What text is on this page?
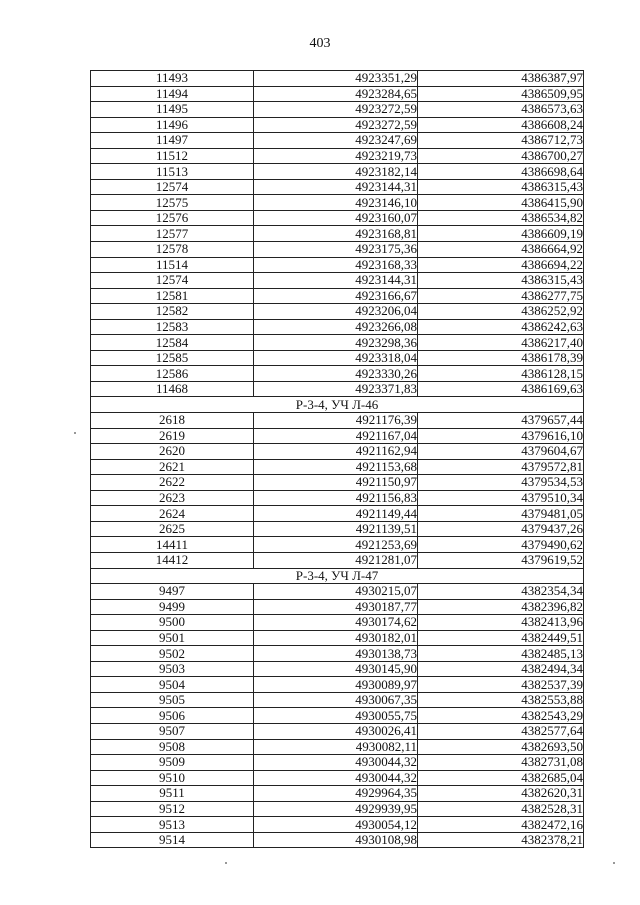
403
11493	4923351,29	4386387,97
11494	4923284,65	4386509,95
11495	4923272,59	4386573,63
11496	4923272,59	4386608,24
11497	4923247,69	4386712,73
11512	4923219,73	4386700,27
11513	4923182,14	4386698,64
12574	4923144,31	4386315,43
12575	4923146,10	4386415,90
12576	4923160,07	4386534,82
12577	4923168,81	4386609,19
12578	4923175,36	4386664,92
11514	4923168,33	4386694,22
12574	4923144,31	4386315,43
12581	4923166,67	4386277,75
12582	4923206,04	4386252,92
12583	4923266,08	4386242,63
12584	4923298,36	4386217,40
12585	4923318,04	4386178,39
12586	4923330,26	4386128,15
11468	4923371,83	4386169,63
Р-3-4, УЧ Л-46		
2618	4921176,39	4379657,44
2619	4921167,04	4379616,10
2620	4921162,94	4379604,67
2621	4921153,68	4379572,81
2622	4921150,97	4379534,53
2623	4921156,83	4379510,34
2624	4921149,44	4379481,05
2625	4921139,51	4379437,26
14411	4921253,69	4379490,62
14412	4921281,07	4379619,52
Р-3-4, УЧ Л-47		
9497	4930215,07	4382354,34
9499	4930187,77	4382396,82
9500	4930174,62	4382413,96
9501	4930182,01	4382449,51
9502	4930138,73	4382485,13
9503	4930145,90	4382494,34
9504	4930089,97	4382537,39
9505	4930067,35	4382553,88
9506	4930055,75	4382543,29
9507	4930026,41	4382577,64
9508	4930082,11	4382693,50
9509	4930044,32	4382731,08
9510	4930044,32	4382685,04
9511	4929964,35	4382620,31
9512	4929939,95	4382528,31
9513	4930054,12	4382472,16
9514	4930108,98	4382378,21
